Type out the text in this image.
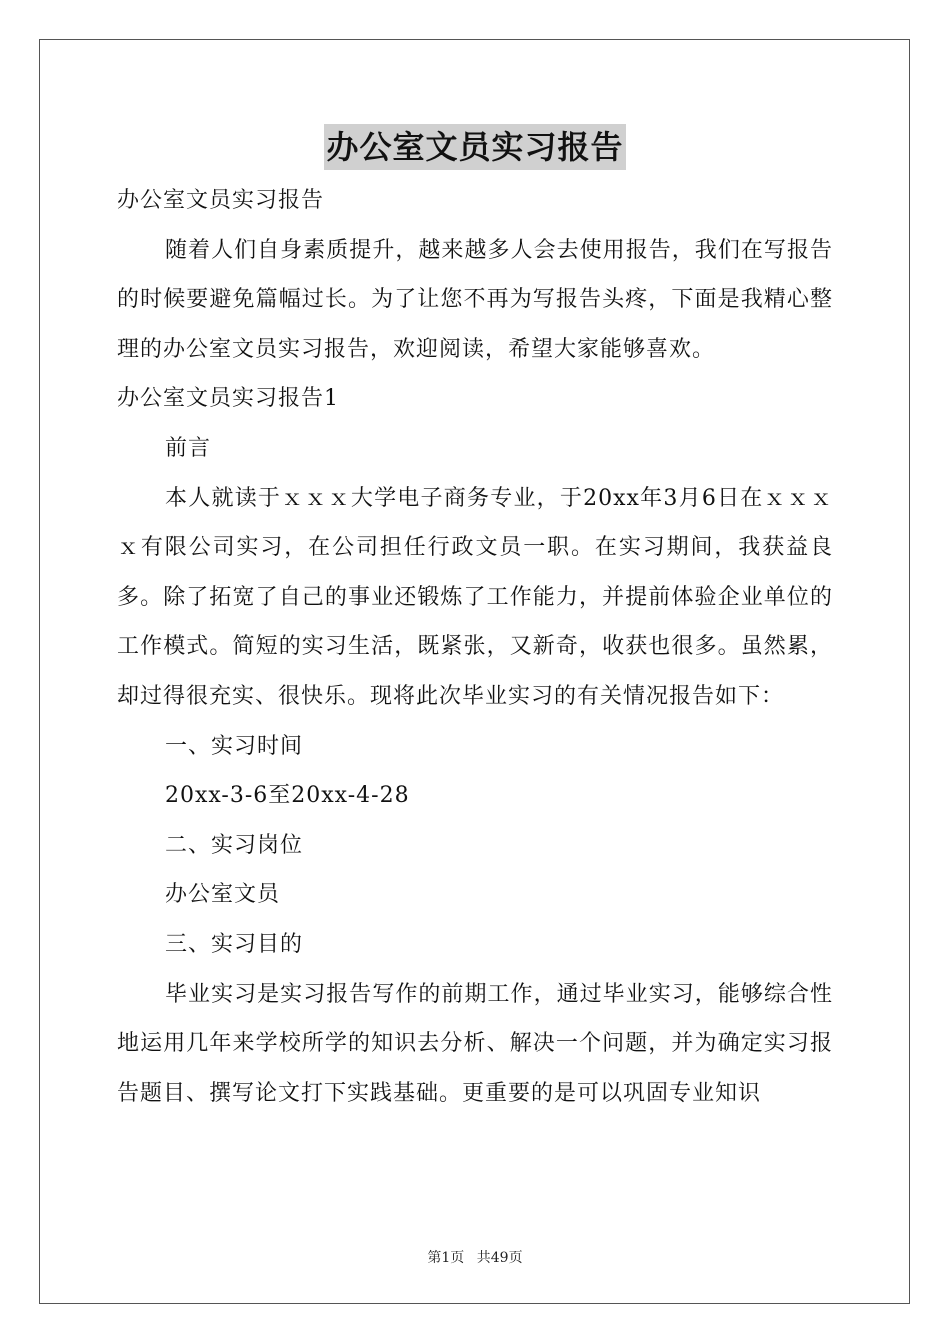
办公室文员实习报告

办公室文员实习报告

随着人们自身素质提升，越来越多人会去使用报告，我们在写报告的时候要避免篇幅过长。为了让您不再为写报告头疼，下面是我精心整理的办公室文员实习报告，欢迎阅读，希望大家能够喜欢。

办公室文员实习报告1

前言

本人就读于ｘｘｘ大学电子商务专业，于20xx年3月6日在ｘｘｘｘ有限公司实习，在公司担任行政文员一职。在实习期间，我获益良多。除了拓宽了自己的事业还锻炼了工作能力，并提前体验企业单位的工作模式。简短的实习生活，既紧张，又新奇，收获也很多。虽然累，却过得很充实、很快乐。现将此次毕业实习的有关情况报告如下：

一、实习时间

20xx-3-6至20xx-4-28

二、实习岗位

办公室文员

三、实习目的

毕业实习是实习报告写作的前期工作，通过毕业实习，能够综合性地运用几年来学校所学的知识去分析、解决一个问题，并为确定实习报告题目、撰写论文打下实践基础。更重要的是可以巩固专业知识

第1页 共49页
